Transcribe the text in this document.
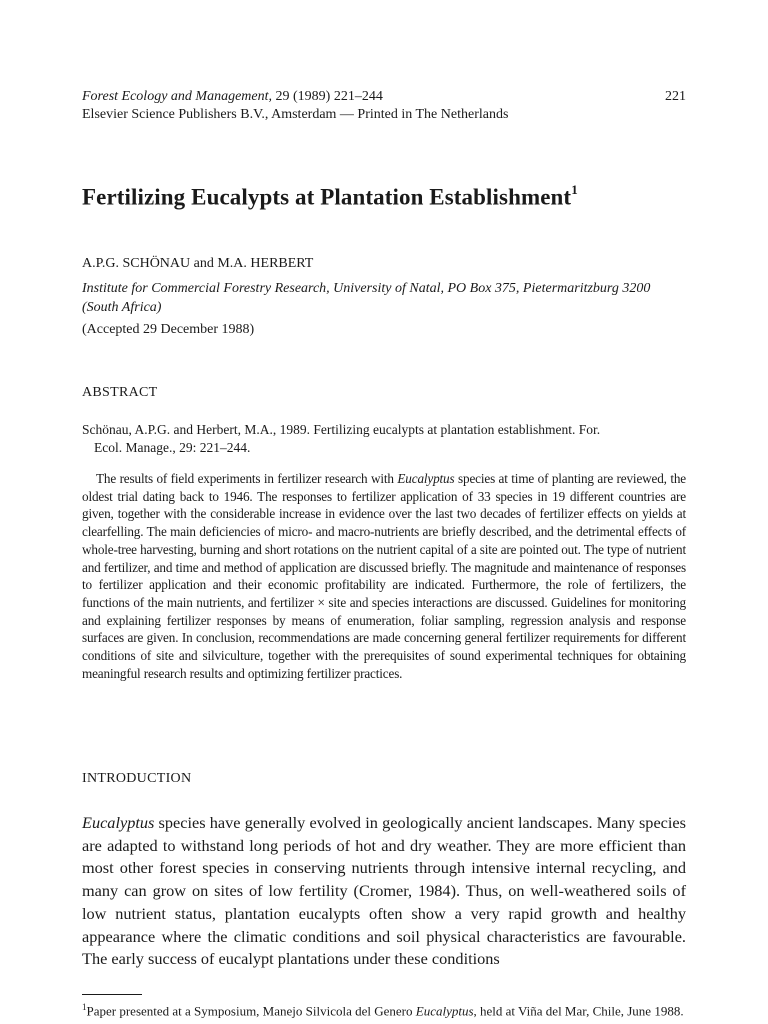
Forest Ecology and Management, 29 (1989) 221–244	221
Elsevier Science Publishers B.V., Amsterdam — Printed in The Netherlands
Fertilizing Eucalypts at Plantation Establishment$^1$
A.P.G. SCHÖNAU and M.A. HERBERT
Institute for Commercial Forestry Research, University of Natal, PO Box 375, Pietermaritzburg 3200 (South Africa)
(Accepted 29 December 1988)
ABSTRACT
Schönau, A.P.G. and Herbert, M.A., 1989. Fertilizing eucalypts at plantation establishment. For.
Ecol. Manage., 29: 221–244.

The results of field experiments in fertilizer research with Eucalyptus species at time of planting are reviewed, the oldest trial dating back to 1946. The responses to fertilizer application of 33 species in 19 different countries are given, together with the considerable increase in evidence over the last two decades of fertilizer effects on yields at clearfelling. The main deficiencies of micro- and macro-nutrients are briefly described, and the detrimental effects of whole-tree harvesting, burning and short rotations on the nutrient capital of a site are pointed out. The type of nutrient and fertilizer, and time and method of application are discussed briefly. The magnitude and maintenance of responses to fertilizer application and their economic profitability are indicated. Furthermore, the role of fertilizers, the functions of the main nutrients, and fertilizer × site and species interactions are discussed. Guidelines for monitoring and explaining fertilizer responses by means of enumeration, foliar sampling, regression analysis and response surfaces are given. In conclusion, recommendations are made concerning general fertilizer requirements for different conditions of site and silviculture, together with the prerequisites of sound experimental techniques for obtaining meaningful research results and optimizing fertilizer practices.

INTRODUCTION

Eucalyptus species have generally evolved in geologically ancient landscapes. Many species are adapted to withstand long periods of hot and dry weather. They are more efficient than most other forest species in conserving nutrients through intensive internal recycling, and many can grow on sites of low fertility (Cromer, 1984). Thus, on well-weathered soils of low nutrient status, plantation eucalypts often show a very rapid growth and healthy appearance where the climatic conditions and soil physical characteristics are favourable. The early success of eucalypt plantations under these conditions

$^1$Paper presented at a Symposium, Manejo Silvicola del Genero Eucalyptus, held at Viña del Mar, Chile, June 1988.
